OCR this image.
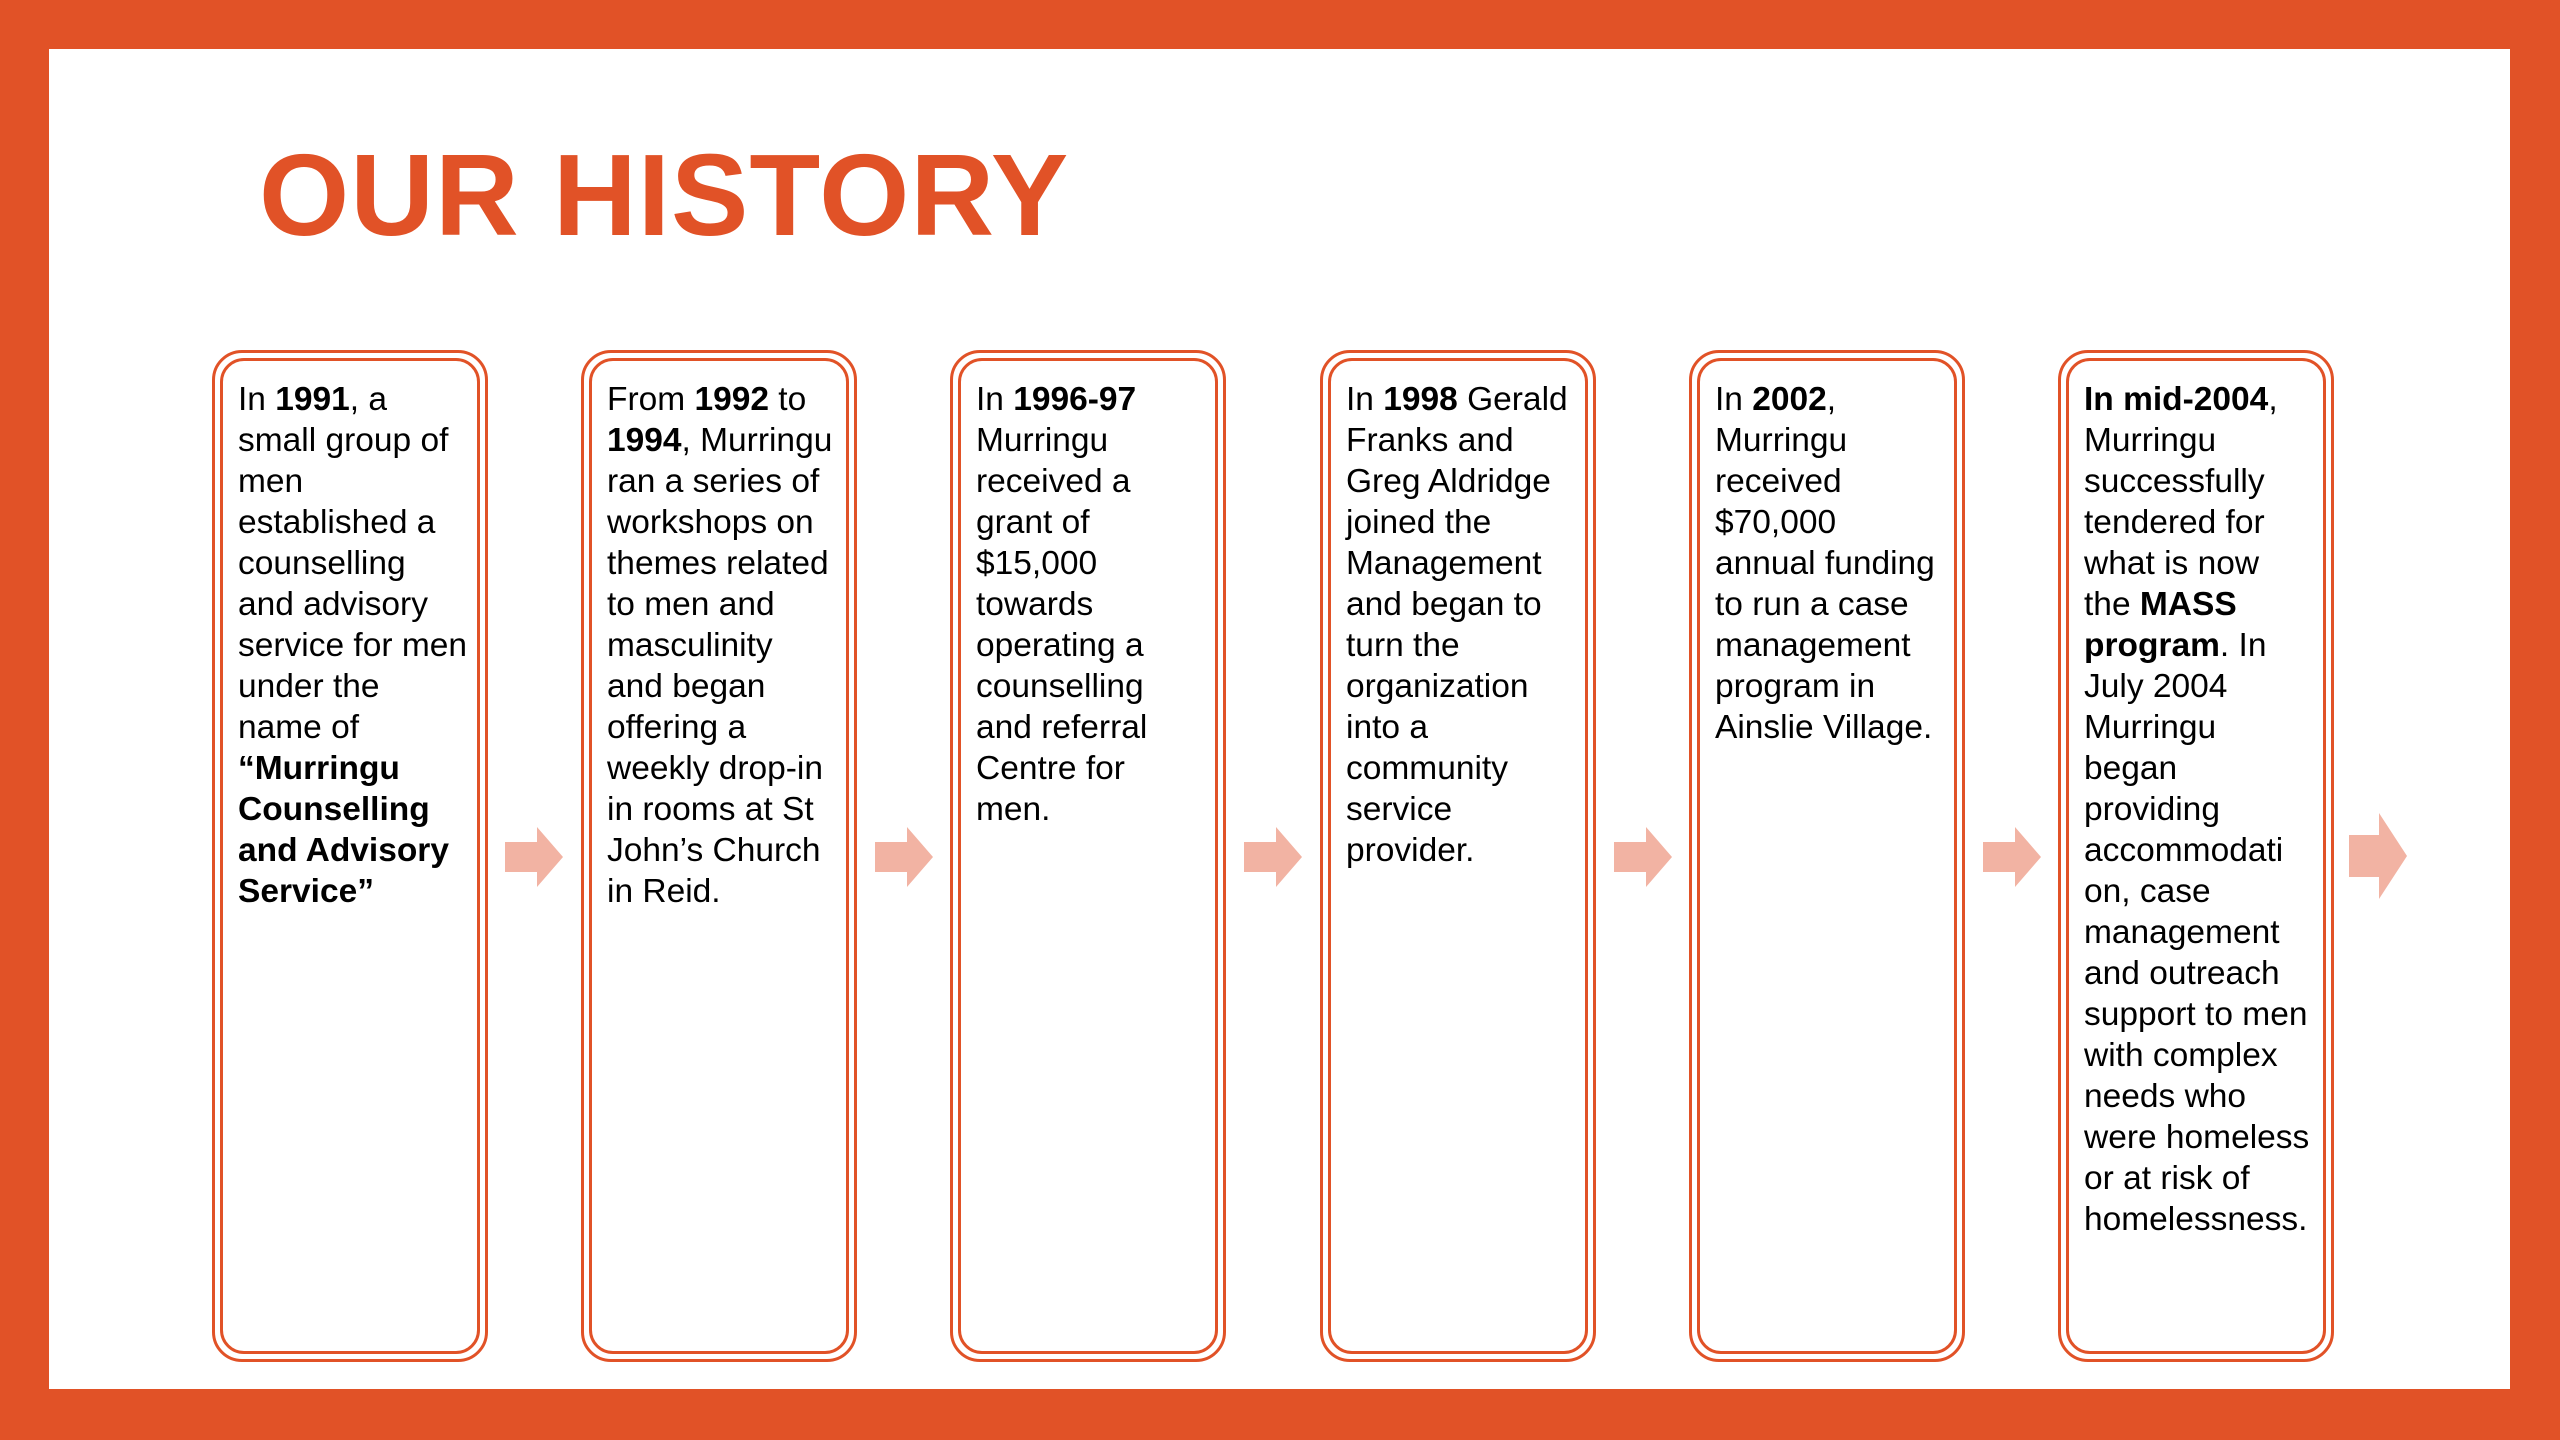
OUR HISTORY
In 1991, a small group of men established a counselling and advisory service for men under the name of “Murringu Counselling and Advisory Service”
From 1992 to 1994, Murringu ran a series of workshops on themes related to men and masculinity and began offering a weekly drop-in in rooms at St John’s Church in Reid.
In 1996-97 Murringu received a grant of $15,000 towards operating a counselling and referral Centre for men.
In 1998 Gerald Franks and Greg Aldridge joined the Management and began to turn the organization into a community service provider.
In 2002, Murringu received $70,000 annual funding to run a case management program in Ainslie Village.
In mid-2004, Murringu successfully tendered for what is now the MASS program. In July 2004 Murringu began providing accommodati on, case management and outreach support to men with complex needs who were homeless or at risk of homelessness.
